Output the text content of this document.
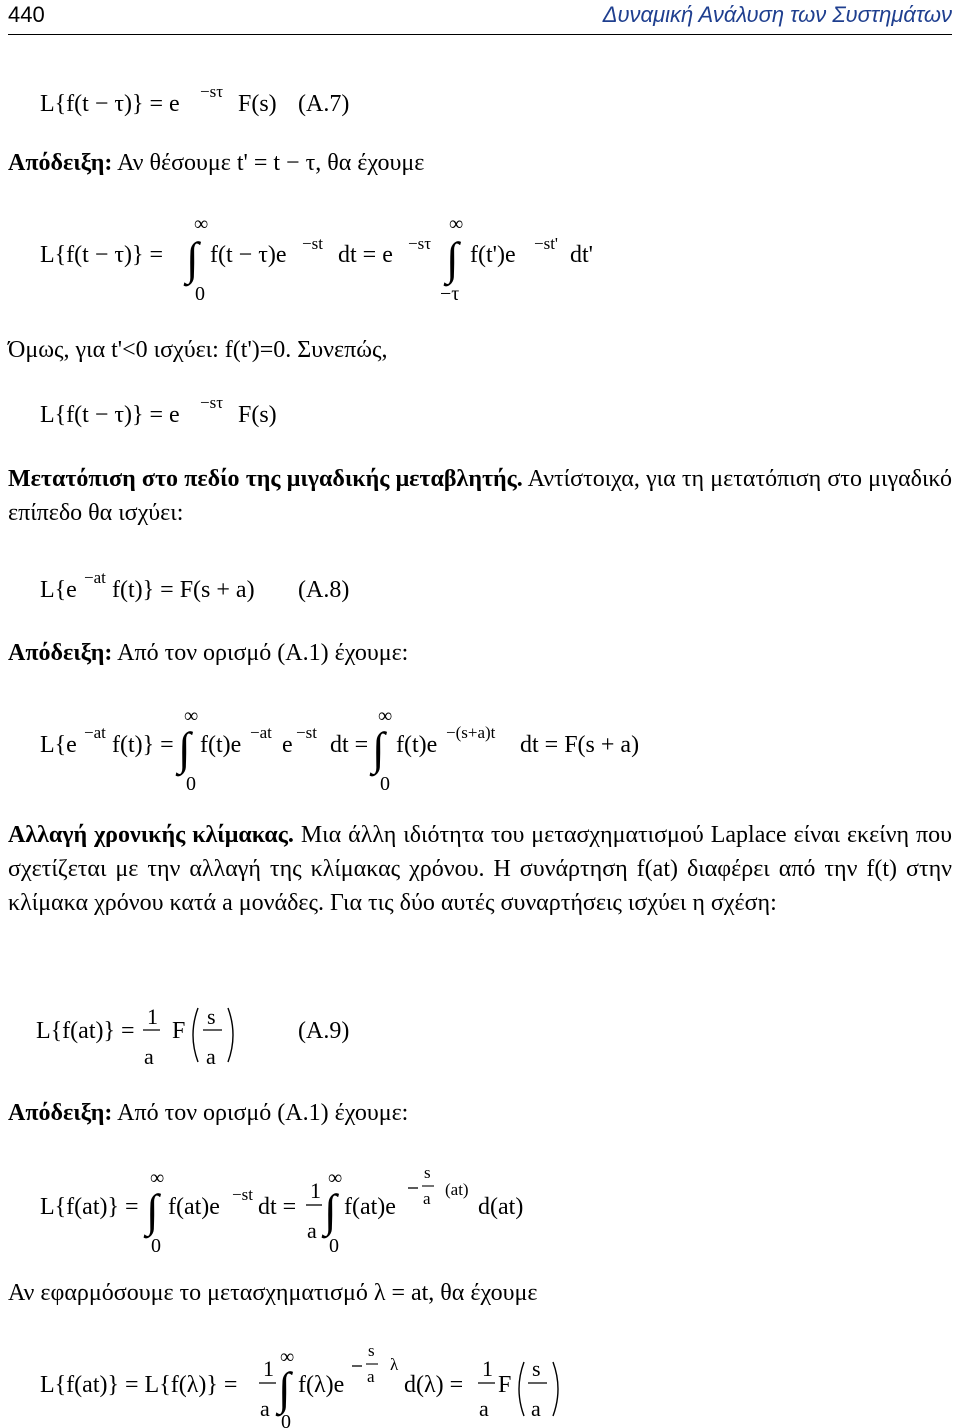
440	Δυναμική Ανάλυση των Συστημάτων
Απόδειξη: Αν θέσουμε t' = t − τ, θα έχουμε
Όμως, για t'<0 ισχύει: f(t')=0. Συνεπώς,
Μετατόπιση στο πεδίο της μιγαδικής μεταβλητής. Αντίστοιχα, για τη μετατόπιση στο μιγαδικό επίπεδο θα ισχύει:
Απόδειξη: Από τον ορισμό (Α.1) έχουμε:
Αλλαγή χρονικής κλίμακας. Μια άλλη ιδιότητα του μετασχηματισμού Laplace είναι εκείνη που σχετίζεται με την αλλαγή της κλίμακας χρόνου. Η συνάρτηση f(at) διαφέρει από την f(t) στην κλίμακα χρόνου κατά a μονάδες. Για τις δύο αυτές συναρτήσεις ισχύει η σχέση:
Απόδειξη: Από τον ορισμό (Α.1) έχουμε:
Αν εφαρμόσουμε το μετασχηματισμό λ = at, θα έχουμε
L{f(t − τ)} = e −sτ F(s) (Α.7)
L{f(t − τ)} =
∞
0
∫ f(t − τ)e −st dt = e −sτ
∞
−τ
∫ f(t')e −st' dt'
L{f(t − τ)} = e −sτ F(s)
L{e −at f(t)} = F(s + a) (Α.8)
L{e −at f(t)} =
∞
0
∫ f(t)e −at e −st dt =
∞
0
∫ f(t)e −(s+a)t dt = F(s + a)
L{f(at)} =
1
a
F
s
a
(Α.9)
L{f(at)} =
∞
0
∫ f(at)e −st dt =
1
a
∞
0
∫ f(at)e
s
a (at)
d(at)
L{f(at)} = L{f(λ)} =
1
a
∞
0
∫ f(λ)e
s
a
λ
d(λ) =
1
a
F
s
a
